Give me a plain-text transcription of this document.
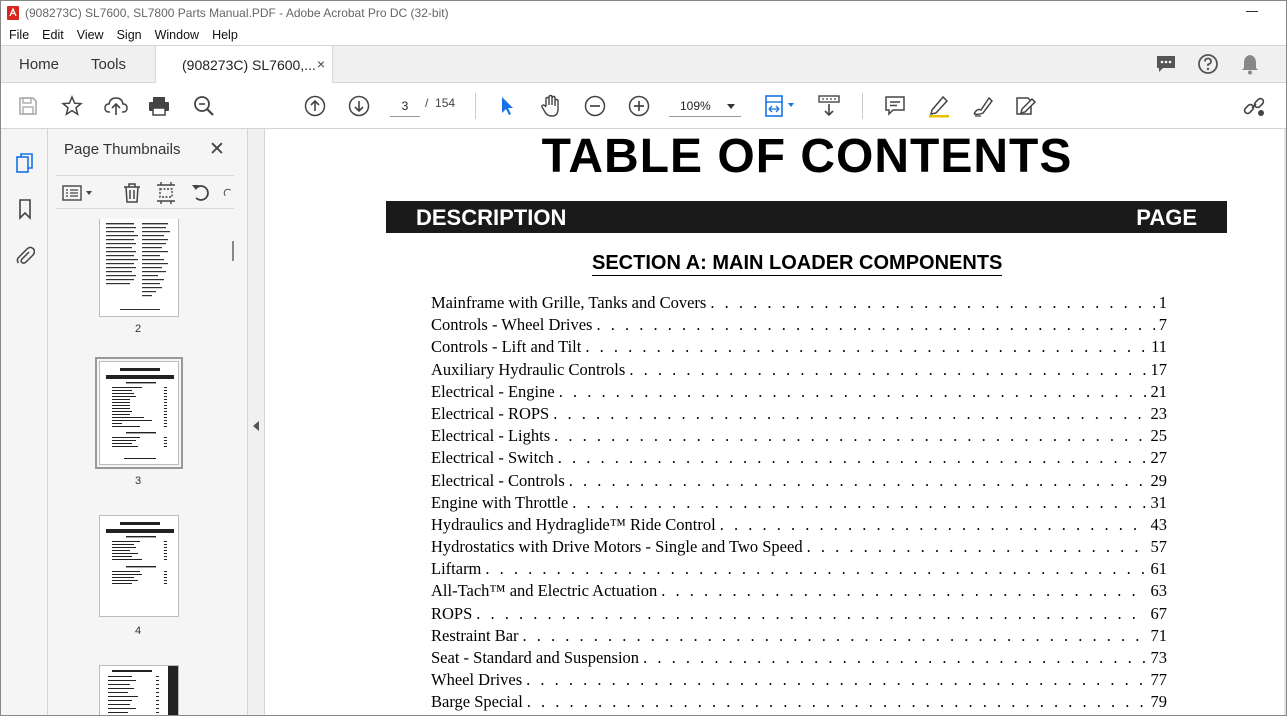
(908273C) SL7600, SL7800 Parts Manual.PDF - Adobe Acrobat Pro DC (32-bit)
File Edit View Sign Window Help
Home Tools	(908273C) SL7600,... ×
3	/ 154	109%
Page Thumbnails ✕
2
3
4
TABLE OF CONTENTS
DESCRIPTION	PAGE
SECTION A: MAIN LOADER COMPONENTS
Mainframe with Grille, Tanks and Covers . . .	1
Controls - Wheel Drives . . .	7
Controls - Lift and Tilt . . .	11
Auxiliary Hydraulic Controls . . .	17
Electrical - Engine . . .	21
Electrical - ROPS . . .	23
Electrical - Lights . . .	25
Electrical - Switch . . .	27
Electrical - Controls . . .	29
Engine with Throttle . . .	31
Hydraulics and Hydraglide™ Ride Control . . .	43
Hydrostatics with Drive Motors - Single and Two Speed . . .	57
Liftarm . . .	61
All-Tach™ and Electric Actuation . . .	63
ROPS . . .	67
Restraint Bar . . .	71
Seat - Standard and Suspension . . .	73
Wheel Drives . . .	77
Barge Special . . .	79
